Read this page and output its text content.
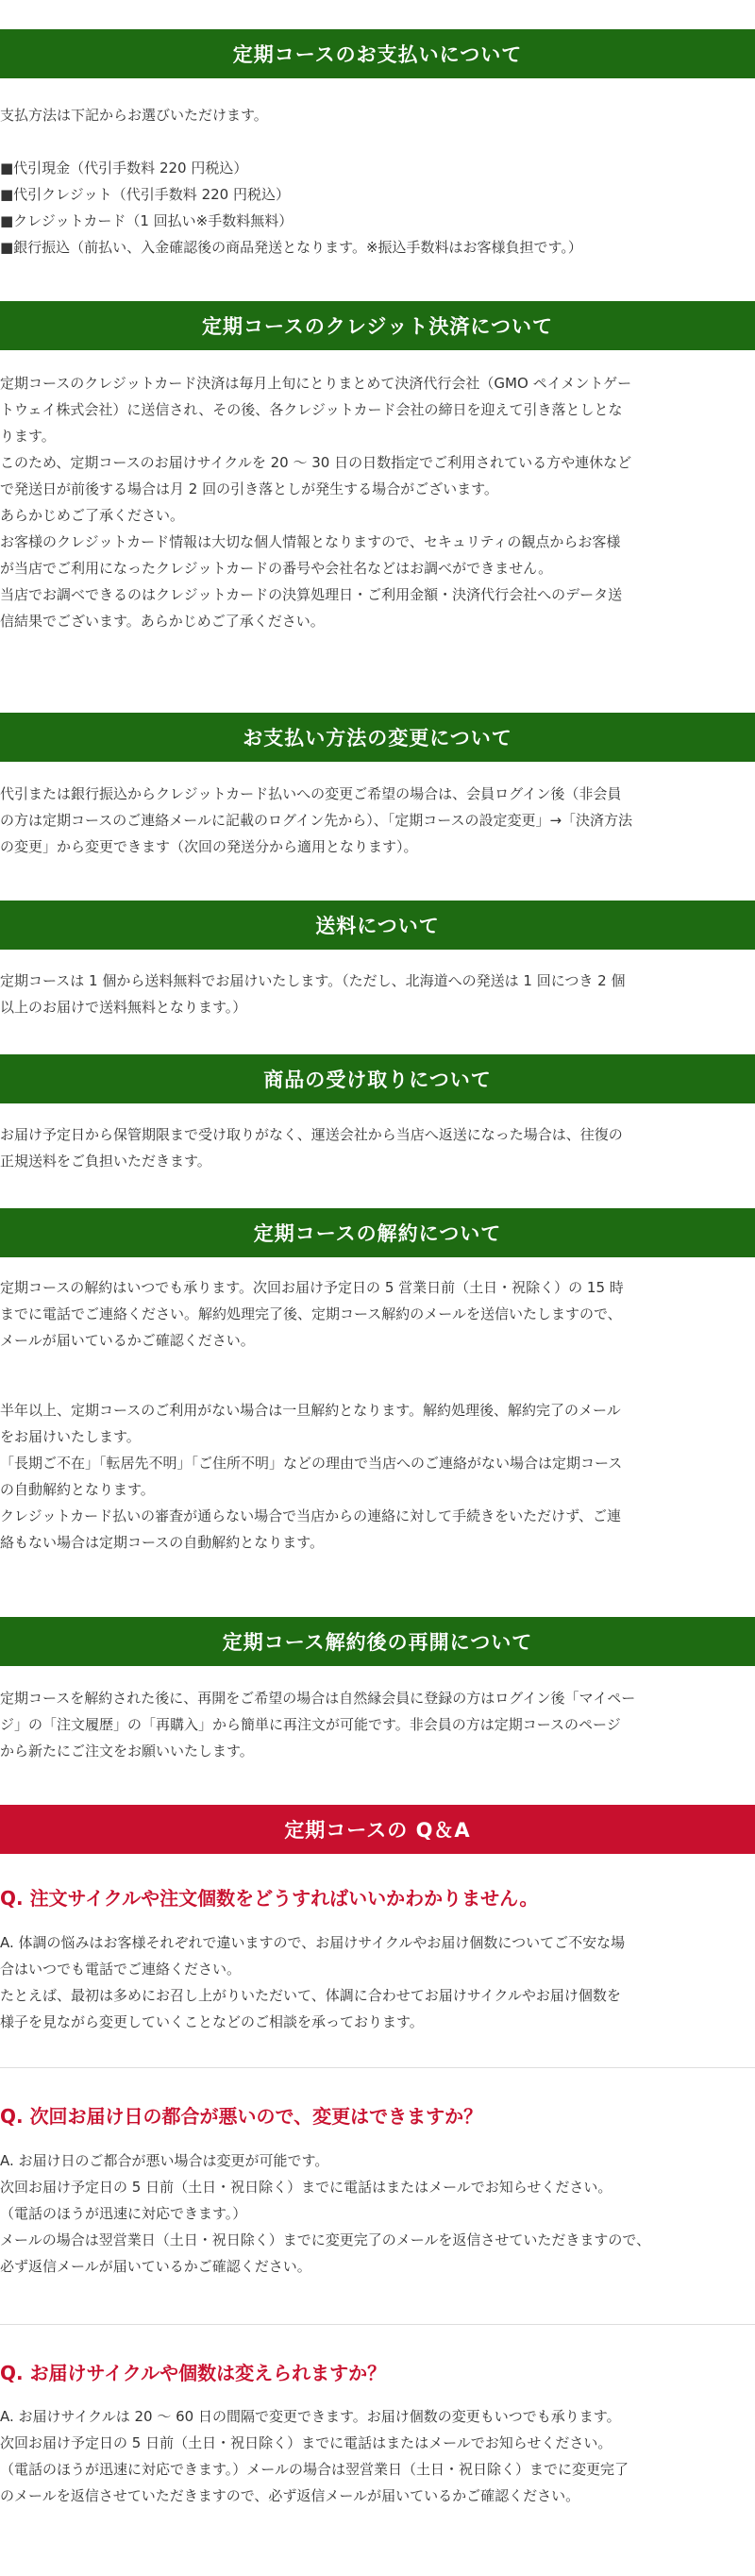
定期コースのお支払いについて
支払方法は下記からお選びいただけます。
■代引現金（代引手数料 220 円税込）
■代引クレジット（代引手数料 220 円税込）
■クレジットカード（1 回払い※手数料無料）
■銀行振込（前払い、入金確認後の商品発送となります。※振込手数料はお客様負担です。）
定期コースのクレジット決済について
定期コースのクレジットカード決済は毎月上旬にとりまとめて決済代行会社（GMO ペイメントゲー
トウェイ株式会社）に送信され、その後、各クレジットカード会社の締日を迎えて引き落としとな
ります。
このため、定期コースのお届けサイクルを 20 〜 30 日の日数指定でご利用されている方や連休など
で発送日が前後する場合は月 2 回の引き落としが発生する場合がございます。
あらかじめご了承ください。
お客様のクレジットカード情報は大切な個人情報となりますので、セキュリティの観点からお客様
が当店でご利用になったクレジットカードの番号や会社名などはお調べができません。
当店でお調べできるのはクレジットカードの決算処理日・ご利用金額・決済代行会社へのデータ送
信結果でございます。あらかじめご了承ください。
お支払い方法の変更について
代引または銀行振込からクレジットカード払いへの変更ご希望の場合は、会員ログイン後（非会員
の方は定期コースのご連絡メールに記載のログイン先から）、「定期コースの設定変更」→「決済方法
の変更」から変更できます（次回の発送分から適用となります）。
送料について
定期コースは 1 個から送料無料でお届けいたします。（ただし、北海道への発送は 1 回につき 2 個
以上のお届けで送料無料となります。）
商品の受け取りについて
お届け予定日から保管期限まで受け取りがなく、運送会社から当店へ返送になった場合は、往復の
正規送料をご負担いただきます。
定期コースの解約について
定期コースの解約はいつでも承ります。次回お届け予定日の 5 営業日前（土日・祝除く）の 15 時
までに電話でご連絡ください。解約処理完了後、定期コース解約のメールを送信いたしますので、
メールが届いているかご確認ください。
半年以上、定期コースのご利用がない場合は一旦解約となります。解約処理後、解約完了のメール
をお届けいたします。
「長期ご不在」「転居先不明」「ご住所不明」などの理由で当店へのご連絡がない場合は定期コース
の自動解約となります。
クレジットカード払いの審査が通らない場合で当店からの連絡に対して手続きをいただけず、ご連
絡もない場合は定期コースの自動解約となります。
定期コース解約後の再開について
定期コースを解約された後に、再開をご希望の場合は自然縁会員に登録の方はログイン後「マイペー
ジ」の「注文履歴」の「再購入」から簡単に再注文が可能です。非会員の方は定期コースのページ
から新たにご注文をお願いいたします。
定期コースの Q＆A
Q. 注文サイクルや注文個数をどうすればいいかわかりません。
A. 体調の悩みはお客様それぞれで違いますので、お届けサイクルやお届け個数についてご不安な場
合はいつでも電話でご連絡ください。
たとえば、最初は多めにお召し上がりいただいて、体調に合わせてお届けサイクルやお届け個数を
様子を見ながら変更していくことなどのご相談を承っております。
Q. 次回お届け日の都合が悪いので、変更はできますか？
A. お届け日のご都合が悪い場合は変更が可能です。
次回お届け予定日の 5 日前（土日・祝日除く）までに電話はまたはメールでお知らせください。
（電話のほうが迅速に対応できます。）
メールの場合は翌営業日（土日・祝日除く）までに変更完了のメールを返信させていただきますので、
必ず返信メールが届いているかご確認ください。
Q. お届けサイクルや個数は変えられますか？
A. お届けサイクルは 20 〜 60 日の間隔で変更できます。お届け個数の変更もいつでも承ります。
次回お届け予定日の 5 日前（土日・祝日除く）までに電話はまたはメールでお知らせください。
（電話のほうが迅速に対応できます。）メールの場合は翌営業日（土日・祝日除く）までに変更完了
のメールを返信させていただきますので、必ず返信メールが届いているかご確認ください。
